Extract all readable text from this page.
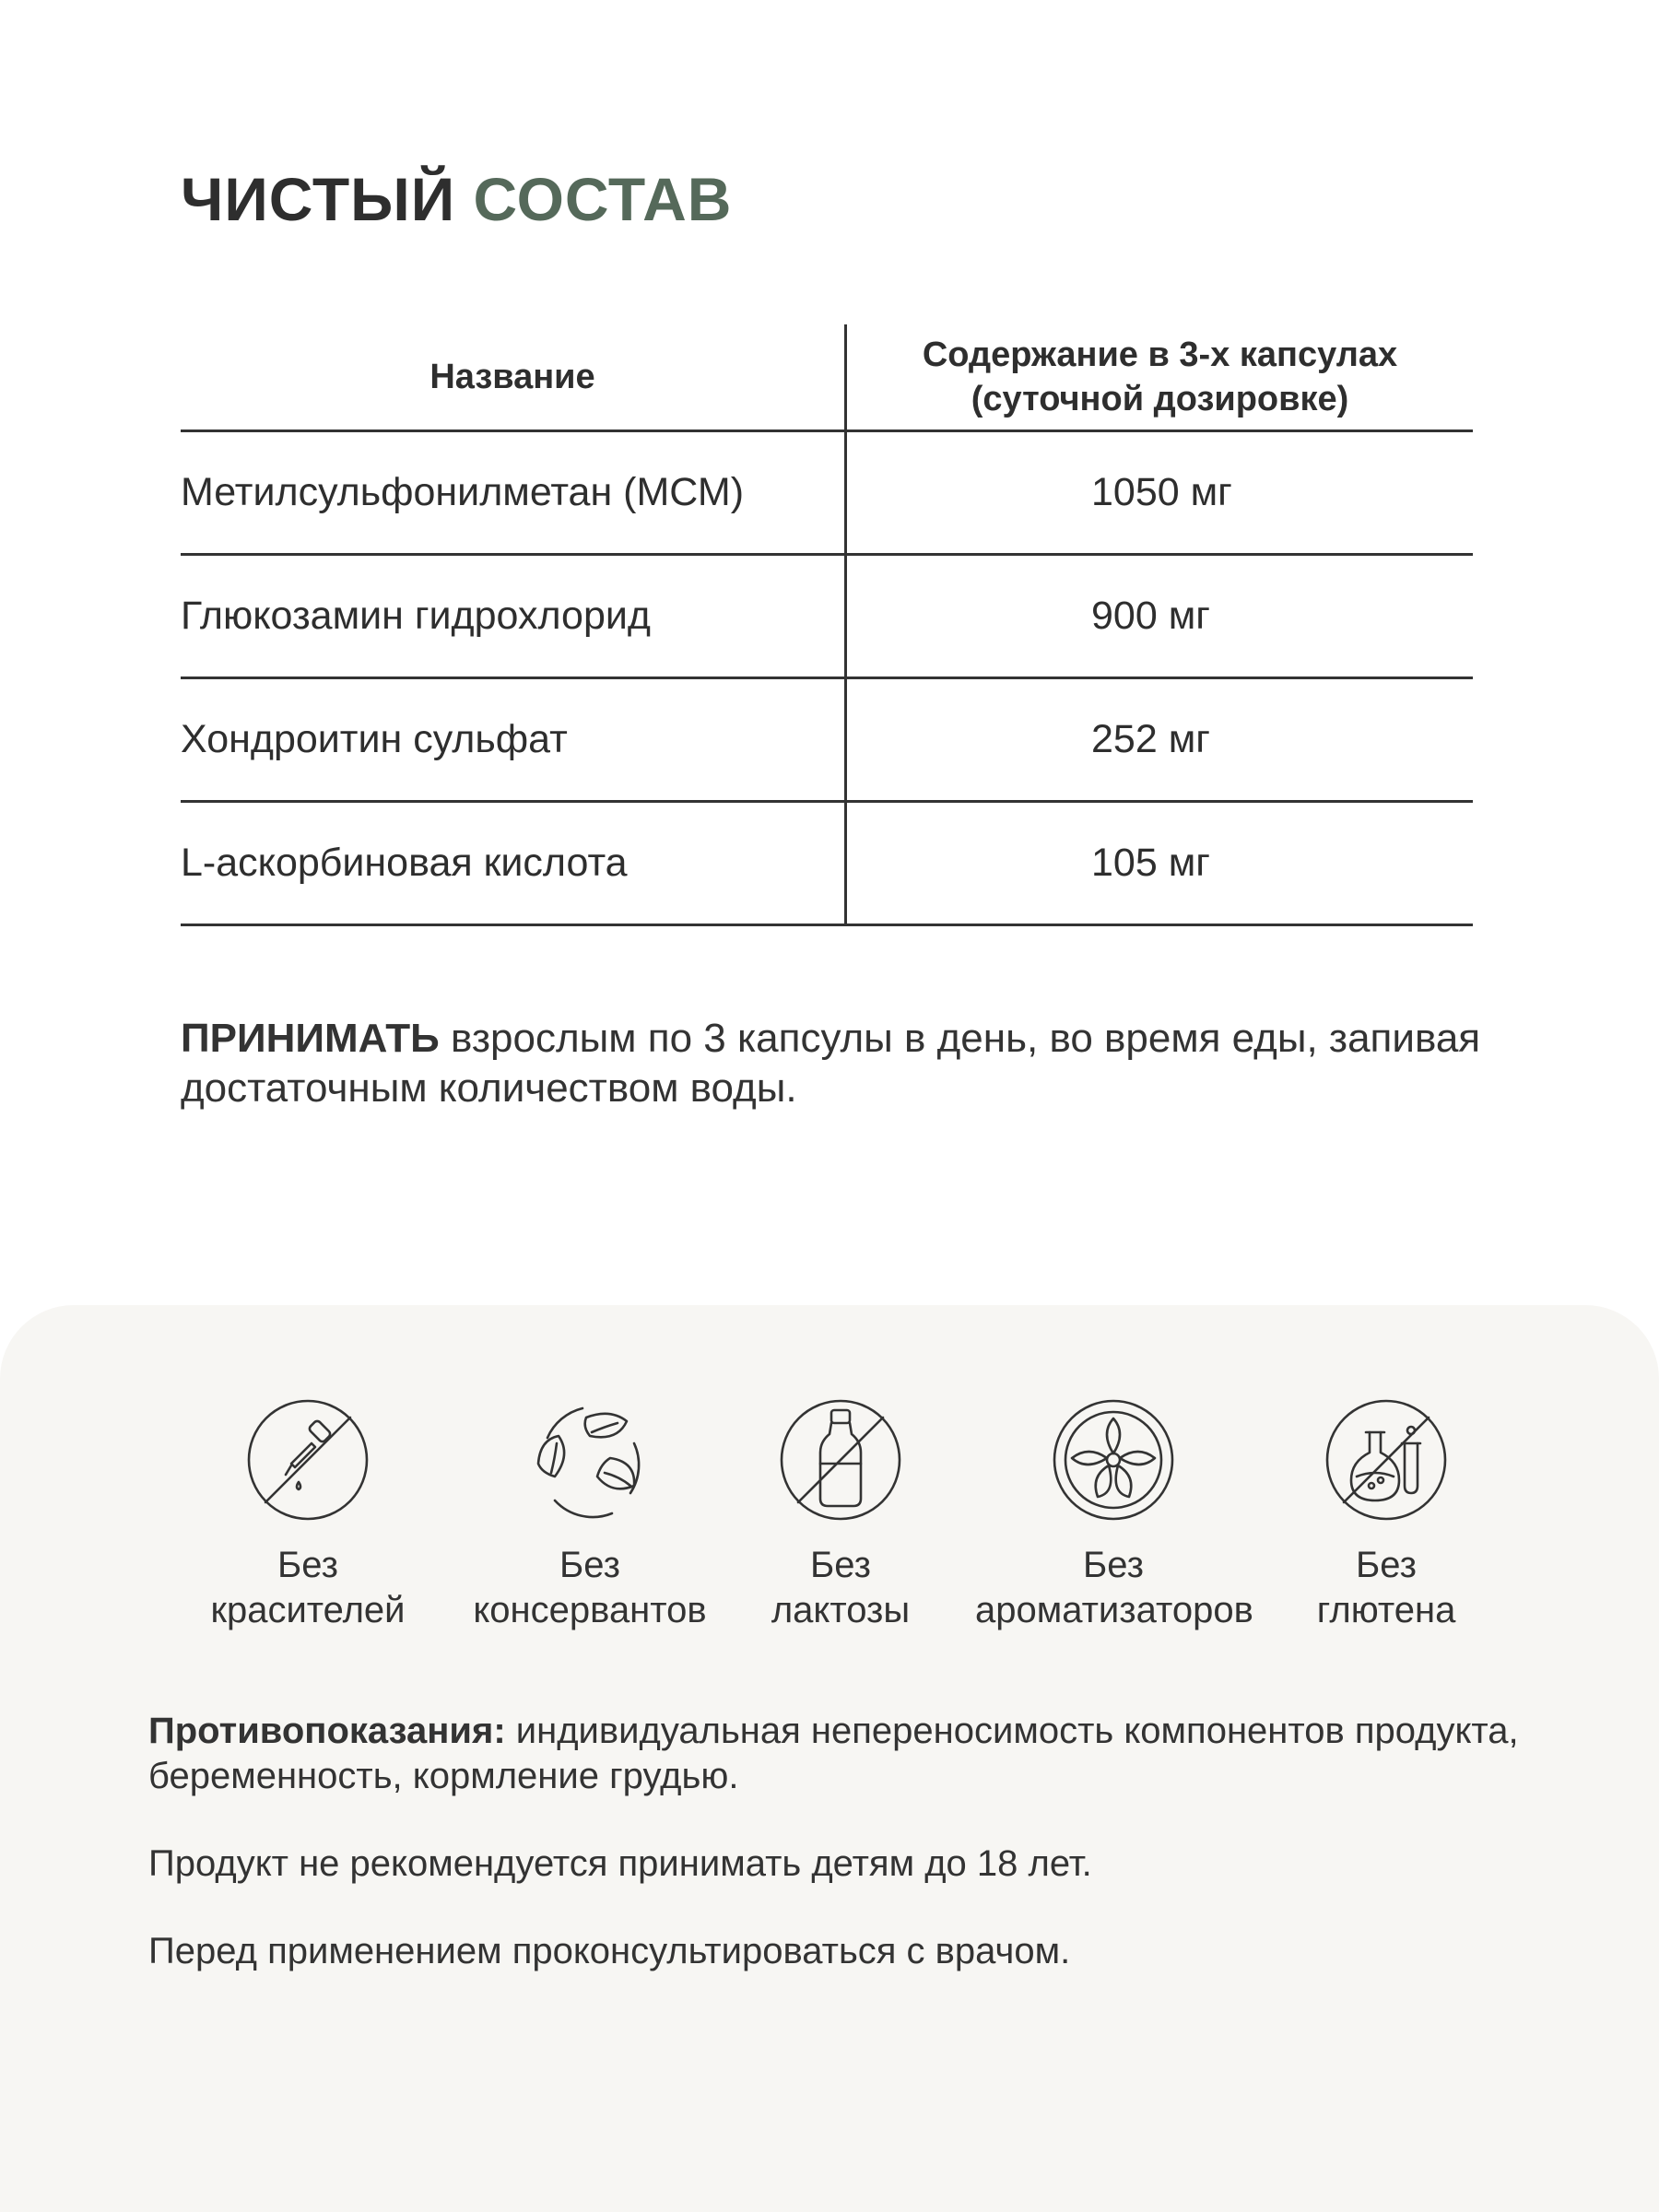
ЧИСТЫЙ СОСТАВ
Название	Содержание в 3-х капсулах
(суточной дозировке)
Метилсульфонилметан (МСМ)	1050 мг
Глюкозамин гидрохлорид	900 мг
Хондроитин сульфат	252 мг
L-аскорбиновая кислота	105 мг

ПРИНИМАТЬ взрослым по 3 капсулы в день, во время еды, запивая достаточным количеством воды.

Без
красителей
Без
консервантов
Без
лактозы
Без
ароматизаторов
Без
глютена

Противопоказания: индивидуальная непереносимость компонентов продукта, беременность, кормление грудью.

Продукт не рекомендуется принимать детям до 18 лет.

Перед применением проконсультироваться с врачом.
